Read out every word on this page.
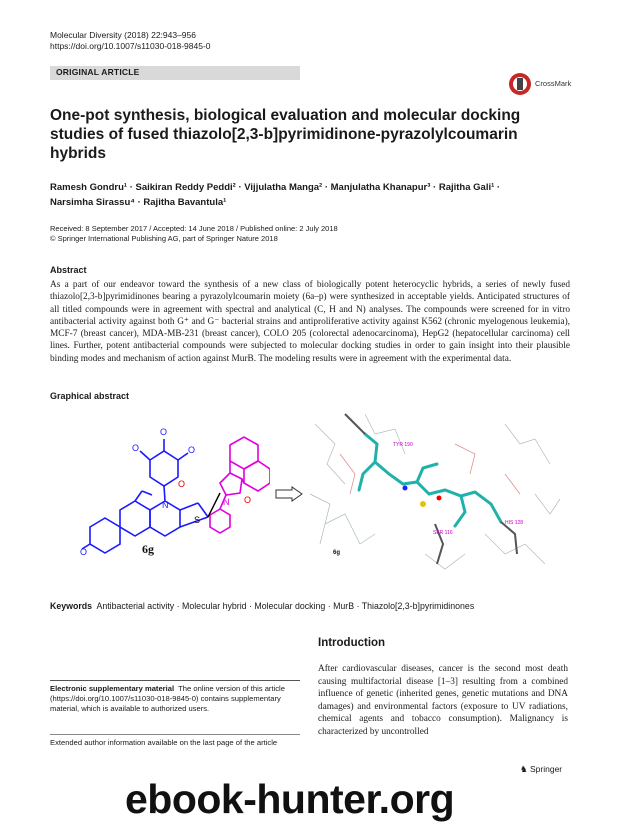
Molecular Diversity (2018) 22:943–956
https://doi.org/10.1007/s11030-018-9845-0
ORIGINAL ARTICLE
CrossMark
One-pot synthesis, biological evaluation and molecular docking studies of fused thiazolo[2,3-b]pyrimidinone-pyrazolylcoumarin hybrids
Ramesh Gondru¹ · Saikiran Reddy Peddi² · Vijjulatha Manga² · Manjulatha Khanapur³ · Rajitha Gali¹ ·
Narsimha Sirassu⁴ · Rajitha Bavantula¹
Received: 8 September 2017 / Accepted: 14 June 2018 / Published online: 2 July 2018
© Springer International Publishing AG, part of Springer Nature 2018
Abstract
As a part of our endeavor toward the synthesis of a new class of biologically potent heterocyclic hybrids, a series of newly fused thiazolo[2,3-b]pyrimidinones bearing a pyrazolylcoumarin moiety (6a–p) were synthesized in acceptable yields. Anticipated structures of all titled compounds were in agreement with spectral and analytical (C, H and N) analyses. The compounds were screened for in vitro antibacterial activity against both G⁺ and G⁻ bacterial strains and antiproliferative activity against K562 (chronic myelogenous leukemia), MCF-7 (breast cancer), MDA-MB-231 (breast cancer), COLO 205 (colorectal adenocarcinoma), HepG2 (hepatocellular carcinoma) cell lines. Further, potent antibacterial compounds were subjected to molecular docking studies in order to gain insight into their plausible binding modes and mechanism of action against MurB. The modeling results were in agreement with the experimental data.
Graphical abstract
O
O	O
O
S
N	O
O
N
6g
TYR 190
SER 116
HIS 128
6g
Keywords Antibacterial activity · Molecular hybrid · Molecular docking · MurB · Thiazolo[2,3-b]pyrimidinones
Introduction
After cardiovascular diseases, cancer is the second most death causing multifactorial disease [1–3] resulting from a combined influence of genetic (inherited genes, genetic mutations and DNA damages) and environmental factors (exposure to UV radiations, chemical agents and tobacco consumption). Malignancy is characterized by uncontrolled
Electronic supplementary material The online version of this article (https://doi.org/10.1007/s11030-018-9845-0) contains supplementary material, which is available to authorized users.
Extended author information available on the last page of the article
♞ Springer
ebook-hunter.org
